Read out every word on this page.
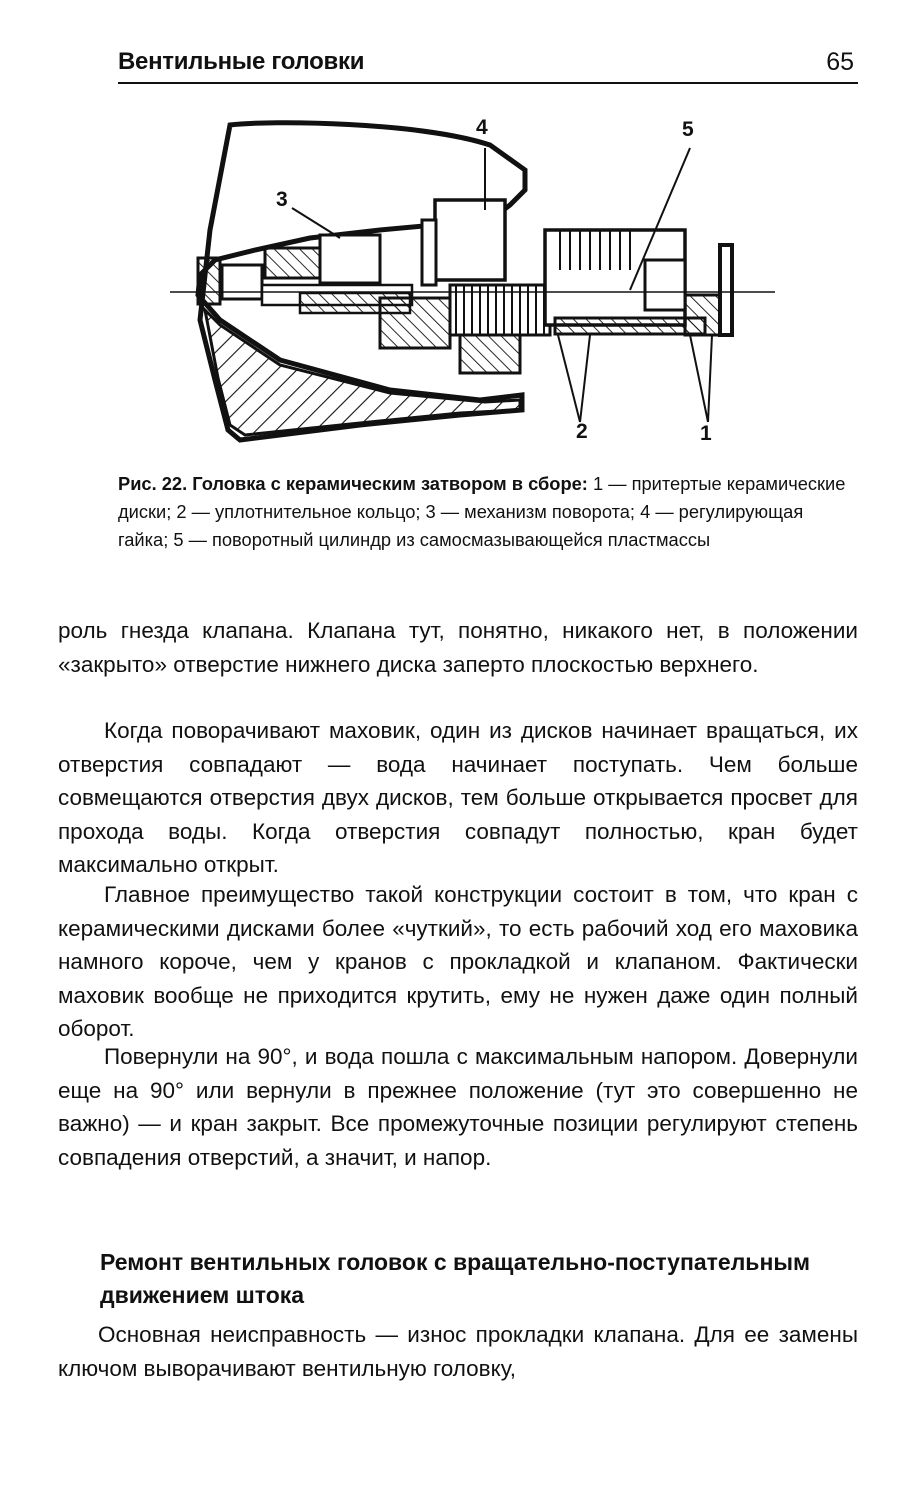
Вентильные головки	65
4	5
3
2	1
Рис. 22. Головка с керамическим затвором в сборе: 1 — притертые керамические диски; 2 — уплотнительное кольцо; 3 — механизм поворота; 4 — регулирующая гайка; 5 — поворотный цилиндр из самосмазывающейся пластмассы
роль гнезда клапана. Клапана тут, понятно, никакого нет, в положении «закрыто» отверстие нижнего диска заперто плоскостью верхнего.
Когда поворачивают маховик, один из дисков начинает вращаться, их отверстия совпадают — вода начинает поступать. Чем больше совмещаются отверстия двух дисков, тем больше открывается просвет для прохода воды. Когда отверстия совпадут полностью, кран будет максимально открыт.
Главное преимущество такой конструкции состоит в том, что кран с керамическими дисками более «чуткий», то есть рабочий ход его маховика намного короче, чем у кранов с прокладкой и клапаном. Фактически маховик вообще не приходится крутить, ему не нужен даже один полный оборот.
Повернули на 90°, и вода пошла с максимальным напором. Довернули еще на 90° или вернули в прежнее положение (тут это совершенно не важно) — и кран закрыт. Все промежуточные позиции регулируют степень совпадения отверстий, а значит, и напор.
Ремонт вентильных головок с вращательно-поступательным движением штока
Основная неисправность — износ прокладки клапана. Для ее замены ключом выворачивают вентильную головку,
